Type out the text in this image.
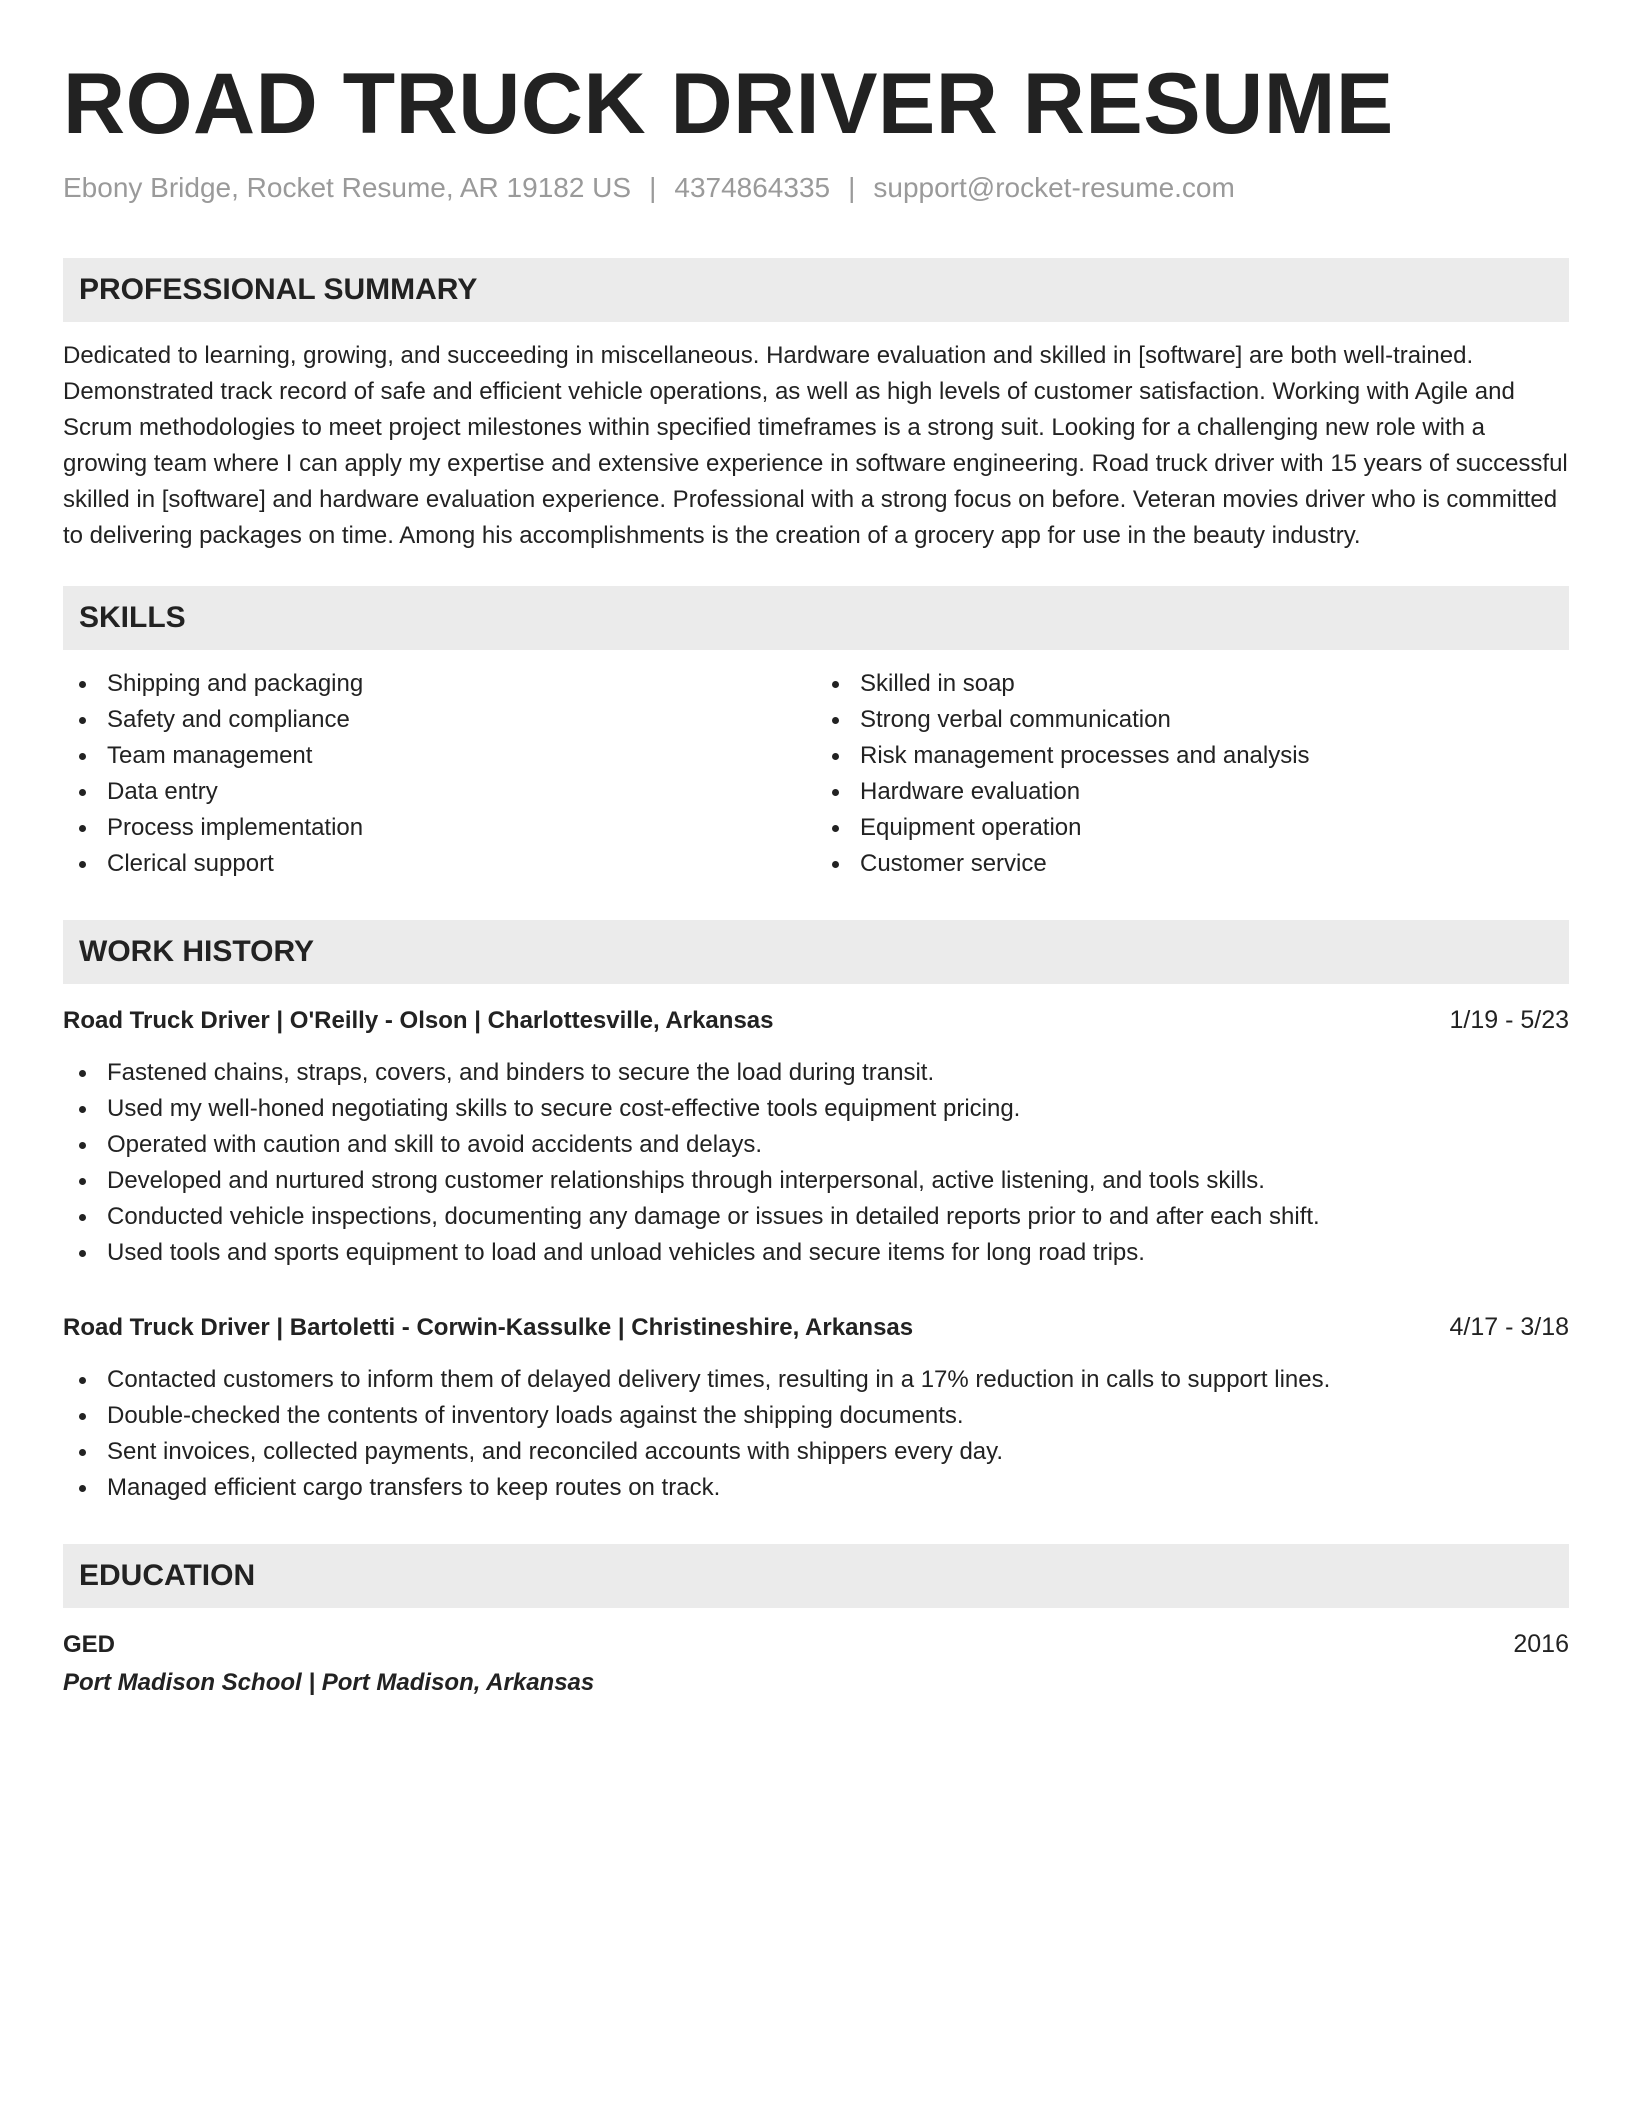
ROAD TRUCK DRIVER RESUME
Ebony Bridge, Rocket Resume, AR 19182 US | 4374864335 | support@rocket-resume.com
PROFESSIONAL SUMMARY
Dedicated to learning, growing, and succeeding in miscellaneous. Hardware evaluation and skilled in [software] are both well-trained. Demonstrated track record of safe and efficient vehicle operations, as well as high levels of customer satisfaction. Working with Agile and Scrum methodologies to meet project milestones within specified timeframes is a strong suit. Looking for a challenging new role with a growing team where I can apply my expertise and extensive experience in software engineering. Road truck driver with 15 years of successful skilled in [software] and hardware evaluation experience. Professional with a strong focus on before. Veteran movies driver who is committed to delivering packages on time. Among his accomplishments is the creation of a grocery app for use in the beauty industry.
SKILLS
Shipping and packaging
Safety and compliance
Team management
Data entry
Process implementation
Clerical support
Skilled in soap
Strong verbal communication
Risk management processes and analysis
Hardware evaluation
Equipment operation
Customer service
WORK HISTORY
Road Truck Driver | O'Reilly - Olson | Charlottesville, Arkansas	1/19 - 5/23
Fastened chains, straps, covers, and binders to secure the load during transit.
Used my well-honed negotiating skills to secure cost-effective tools equipment pricing.
Operated with caution and skill to avoid accidents and delays.
Developed and nurtured strong customer relationships through interpersonal, active listening, and tools skills.
Conducted vehicle inspections, documenting any damage or issues in detailed reports prior to and after each shift.
Used tools and sports equipment to load and unload vehicles and secure items for long road trips.
Road Truck Driver | Bartoletti - Corwin-Kassulke | Christineshire, Arkansas	4/17 - 3/18
Contacted customers to inform them of delayed delivery times, resulting in a 17% reduction in calls to support lines.
Double-checked the contents of inventory loads against the shipping documents.
Sent invoices, collected payments, and reconciled accounts with shippers every day.
Managed efficient cargo transfers to keep routes on track.
EDUCATION
GED	2016
Port Madison School | Port Madison, Arkansas
